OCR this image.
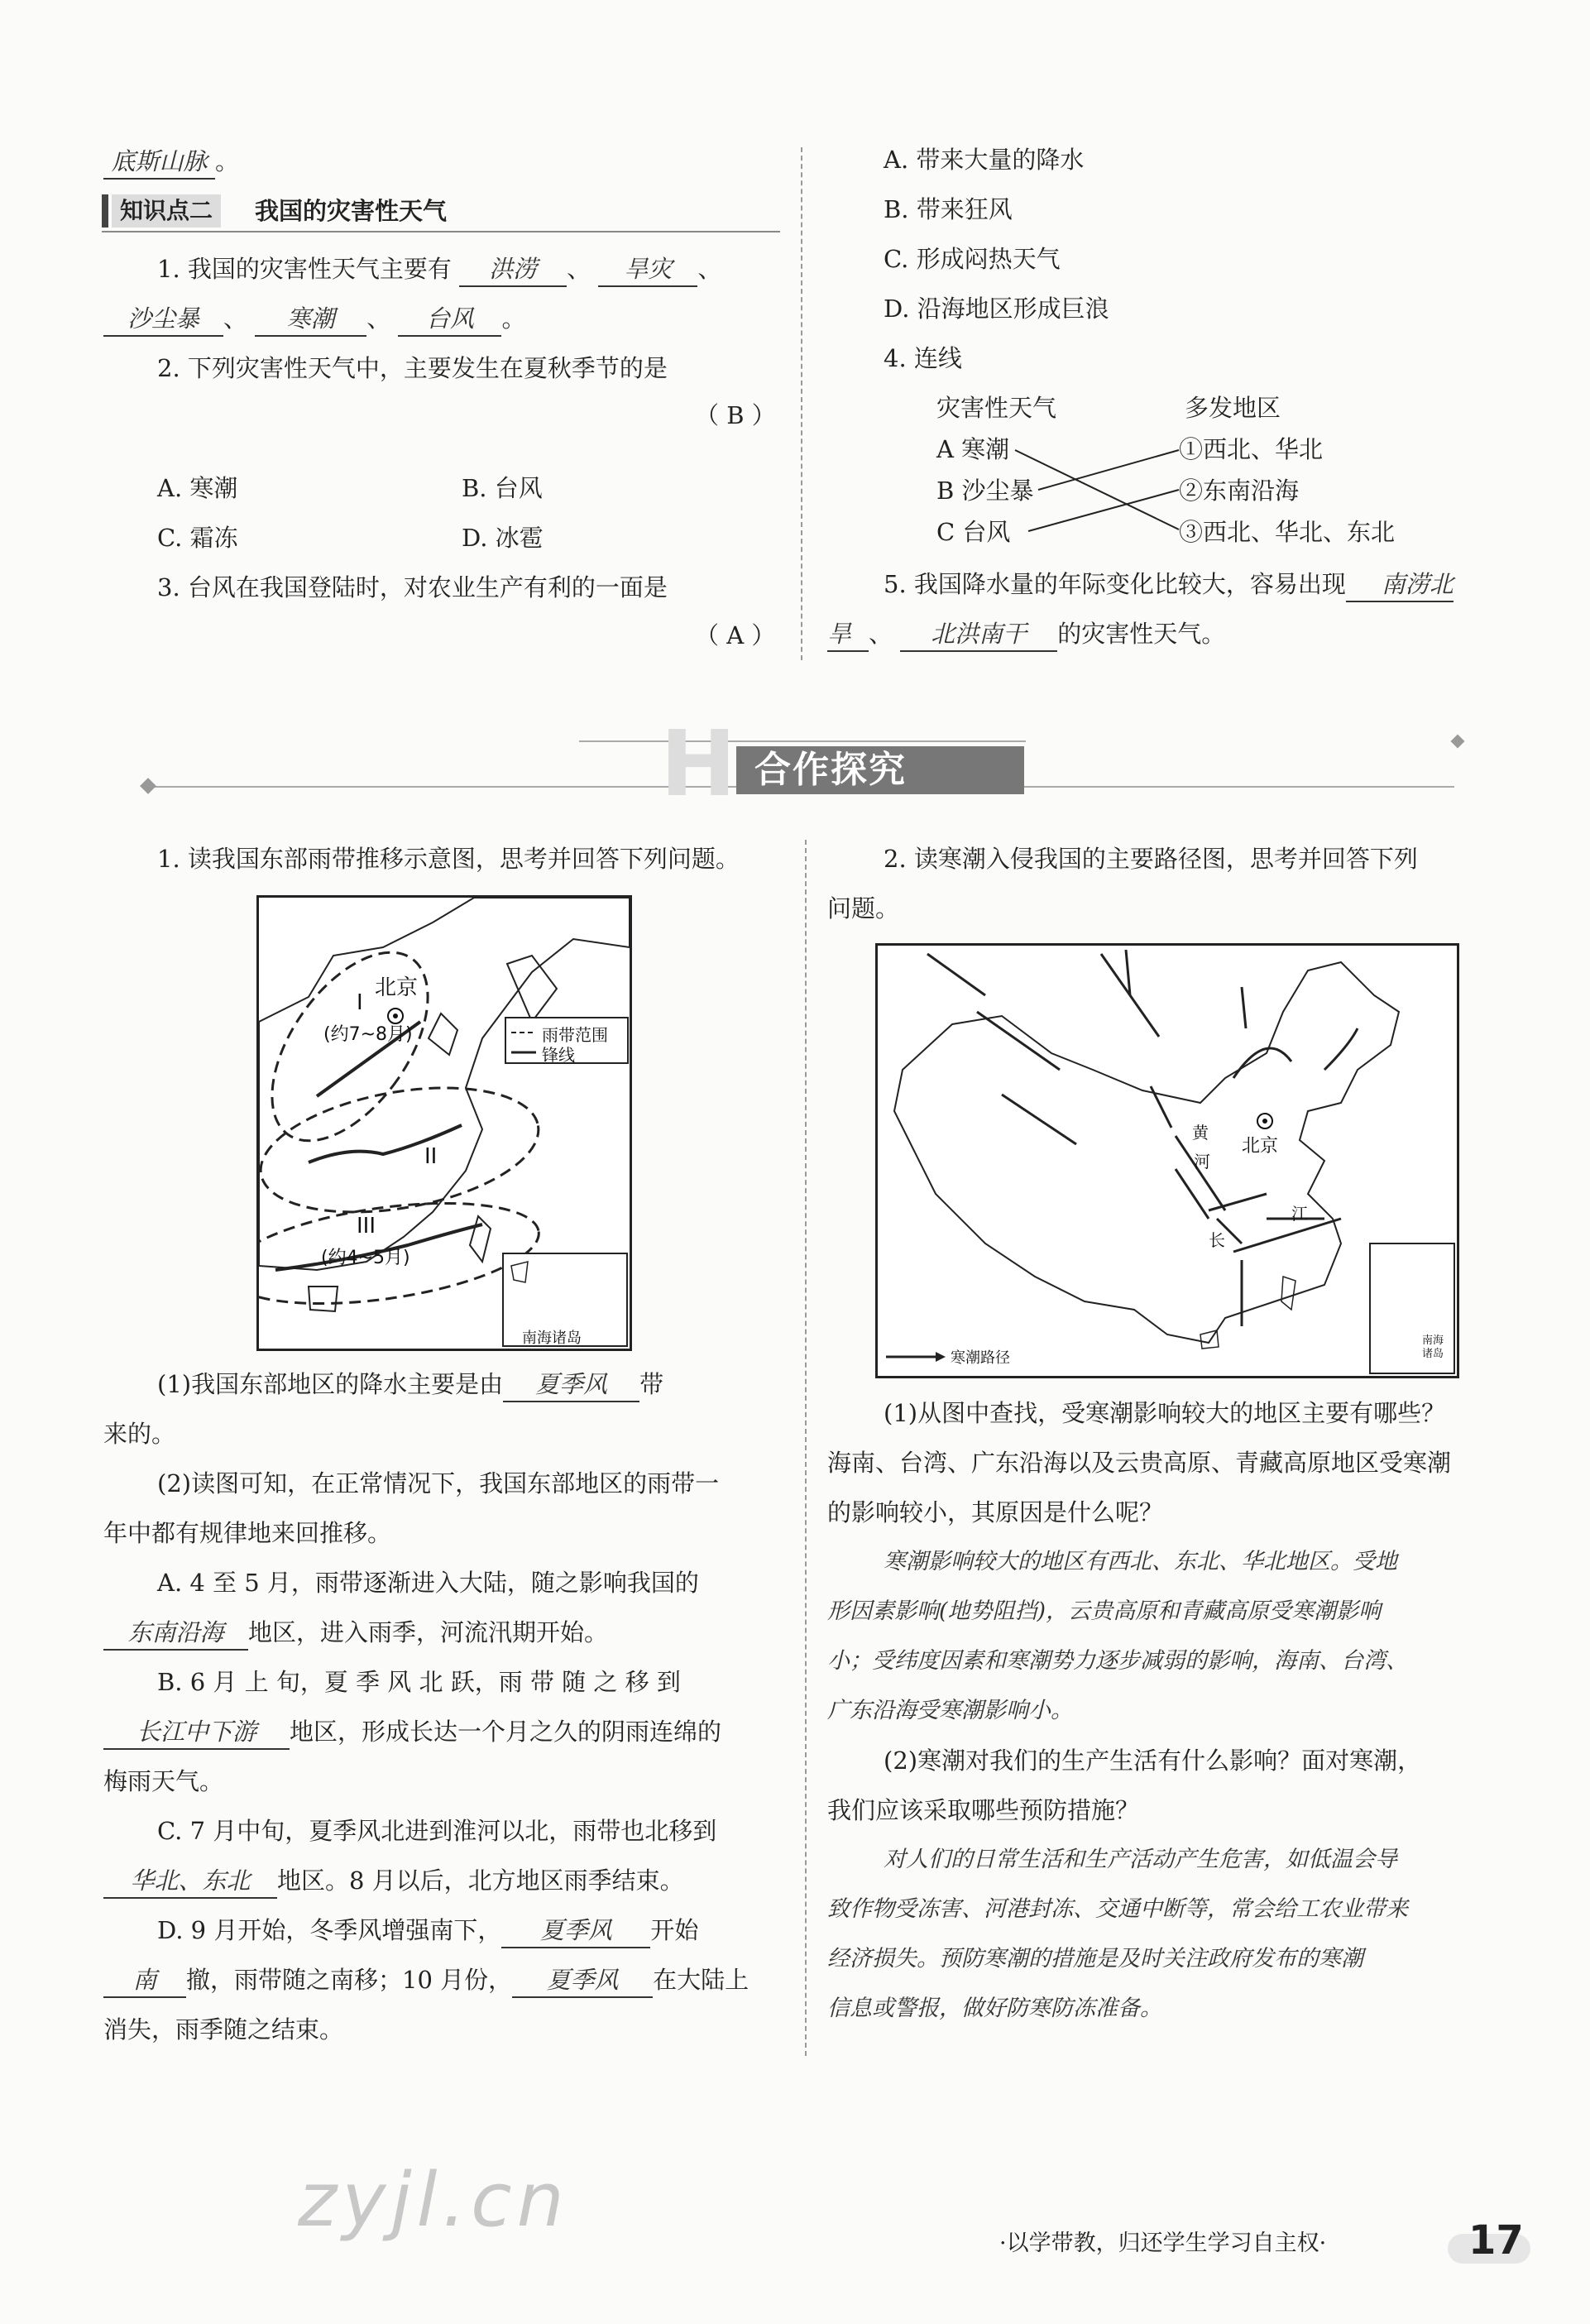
底斯山脉 。
知识点二	我国的灾害性天气
1. 我国的灾害性天气主要有 洪涝 、 旱灾 、
沙尘暴 、 寒潮 、 台风 。
2. 下列灾害性天气中，主要发生在夏秋季节的是
（ B ）
A. 寒潮	B. 台风
C. 霜冻	D. 冰雹
3. 台风在我国登陆时，对农业生产有利的一面是
（ A ）
A. 带来大量的降水
B. 带来狂风
C. 形成闷热天气
D. 沿海地区形成巨浪
4. 连线
灾害性天气	多发地区
A 寒潮
B 沙尘暴
C 台风
①西北、华北
②东南沿海
③西北、华北、东北
5. 我国降水量的年际变化比较大，容易出现 南涝北
旱 、 北洪南干 的灾害性天气。
H 合作探究
1. 读我国东部雨带推移示意图，思考并回答下列问题。
北京
I
(约7~8月)
II
III
(约4~5月)
雨带范围
锋线
南海诸岛
(1)我国东部地区的降水主要是由 夏季风 带
来的。
(2)读图可知，在正常情况下，我国东部地区的雨带一
年中都有规律地来回推移。
A. 4 至 5 月，雨带逐渐进入大陆，随之影响我国的
东南沿海 地区，进入雨季，河流汛期开始。
B. 6 月 上 旬，夏 季 风 北 跃，雨 带 随 之 移 到
长江中下游 地区，形成长达一个月之久的阴雨连绵的
梅雨天气。
C. 7 月中旬，夏季风北进到淮河以北，雨带也北移到
华北、东北 地区。8 月以后，北方地区雨季结束。
D. 9 月开始，冬季风增强南下， 夏季风 开始
南 撤，雨带随之南移；10 月份， 夏季风 在大陆上
消失，雨季随之结束。
2. 读寒潮入侵我国的主要路径图，思考并回答下列
问题。
北京
黄
河
长
江
寒潮路径
南海诸岛
(1)从图中查找，受寒潮影响较大的地区主要有哪些？
海南、台湾、广东沿海以及云贵高原、青藏高原地区受寒潮
的影响较小，其原因是什么呢？
寒潮影响较大的地区有西北、东北、华北地区。受地
形因素影响(地势阻挡)，云贵高原和青藏高原受寒潮影响
小；受纬度因素和寒潮势力逐步减弱的影响，海南、台湾、
广东沿海受寒潮影响小。
(2)寒潮对我们的生产生活有什么影响？面对寒潮，
我们应该采取哪些预防措施？
对人们的日常生活和生产活动产生危害，如低温会导
致作物受冻害、河港封冻、交通中断等，常会给工农业带来
经济损失。预防寒潮的措施是及时关注政府发布的寒潮
信息或警报，做好防寒防冻准备。
zyjl.cn	·以学带教，归还学生学习自主权·	17
